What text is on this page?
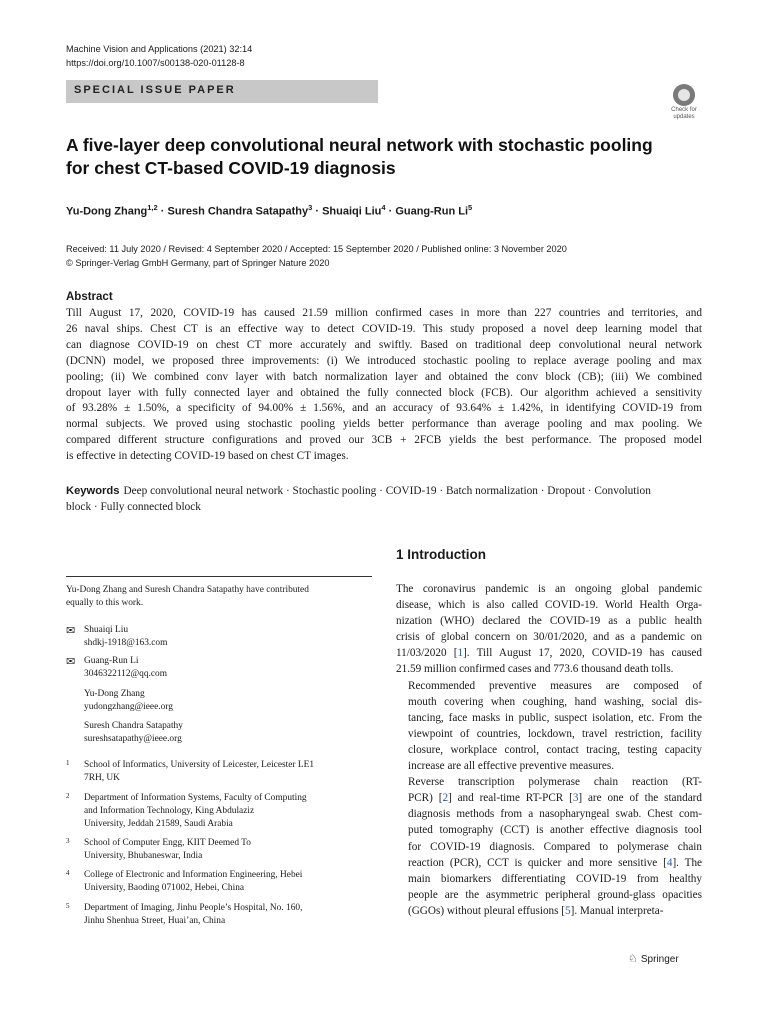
Machine Vision and Applications (2021) 32:14
https://doi.org/10.1007/s00138-020-01128-8
SPECIAL ISSUE PAPER
Check for
updates
A five-layer deep convolutional neural network with stochastic pooling
for chest CT-based COVID-19 diagnosis
Yu-Dong Zhang$^{1,2}$ · Suresh Chandra Satapathy$^3$ · Shuaiqi Liu$^4$ · Guang-Run Li$^5$
Received: 11 July 2020 / Revised: 4 September 2020 / Accepted: 15 September 2020 / Published online: 3 November 2020
© Springer-Verlag GmbH Germany, part of Springer Nature 2020
Abstract
Till August 17, 2020, COVID-19 has caused 21.59 million confirmed cases in more than 227 countries and territories, and
26 naval ships. Chest CT is an effective way to detect COVID-19. This study proposed a novel deep learning model that
can diagnose COVID-19 on chest CT more accurately and swiftly. Based on traditional deep convolutional neural network
(DCNN) model, we proposed three improvements: (i) We introduced stochastic pooling to replace average pooling and max
pooling; (ii) We combined conv layer with batch normalization layer and obtained the conv block (CB); (iii) We combined
dropout layer with fully connected layer and obtained the fully connected block (FCB). Our algorithm achieved a sensitivity
of 93.28% ± 1.50%, a specificity of 94.00% ± 1.56%, and an accuracy of 93.64% ± 1.42%, in identifying COVID-19 from
normal subjects. We proved using stochastic pooling yields better performance than average pooling and max pooling. We
compared different structure configurations and proved our 3CB + 2FCB yields the best performance. The proposed model
is effective in detecting COVID-19 based on chest CT images.
Keywords Deep convolutional neural network · Stochastic pooling · COVID-19 · Batch normalization · Dropout · Convolution
block · Fully connected block
Yu-Dong Zhang and Suresh Chandra Satapathy have contributed
equally to this work.
✉ Shuaiqi Liu
shdkj-1918@163.com
✉ Guang-Run Li
3046322112@qq.com
Yu-Dong Zhang
yudongzhang@ieee.org
Suresh Chandra Satapathy
sureshsatapathy@ieee.org
1 School of Informatics, University of Leicester, Leicester LE1
7RH, UK
2 Department of Information Systems, Faculty of Computing
and Information Technology, King Abdulaziz
University, Jeddah 21589, Saudi Arabia
3 School of Computer Engg, KIIT Deemed To
University, Bhubaneswar, India
4 College of Electronic and Information Engineering, Hebei
University, Baoding 071002, Hebei, China
5 Department of Imaging, Jinhu People’s Hospital, No. 160,
Jinhu Shenhua Street, Huai’an, China
1 Introduction

The coronavirus pandemic is an ongoing global pandemic
disease, which is also called COVID-19. World Health Orga-
nization (WHO) declared the COVID-19 as a public health
crisis of global concern on 30/01/2020, and as a pandemic on
11/03/2020 [1]. Till August 17, 2020, COVID-19 has caused
21.59 million confirmed cases and 773.6 thousand death tolls.

Recommended preventive measures are composed of
mouth covering when coughing, hand washing, social dis-
tancing, face masks in public, suspect isolation, etc. From the
viewpoint of countries, lockdown, travel restriction, facility
closure, workplace control, contact tracing, testing capacity
increase are all effective preventive measures.

Reverse transcription polymerase chain reaction (RT-
PCR) [2] and real-time RT-PCR [3] are one of the standard
diagnosis methods from a nasopharyngeal swab. Chest com-
puted tomography (CCT) is another effective diagnosis tool
for COVID-19 diagnosis. Compared to polymerase chain
reaction (PCR), CCT is quicker and more sensitive [4]. The
main biomarkers differentiating COVID-19 from healthy
people are the asymmetric peripheral ground-glass opacities
(GGOs) without pleural effusions [5]. Manual interpreta-

♘ Springer
